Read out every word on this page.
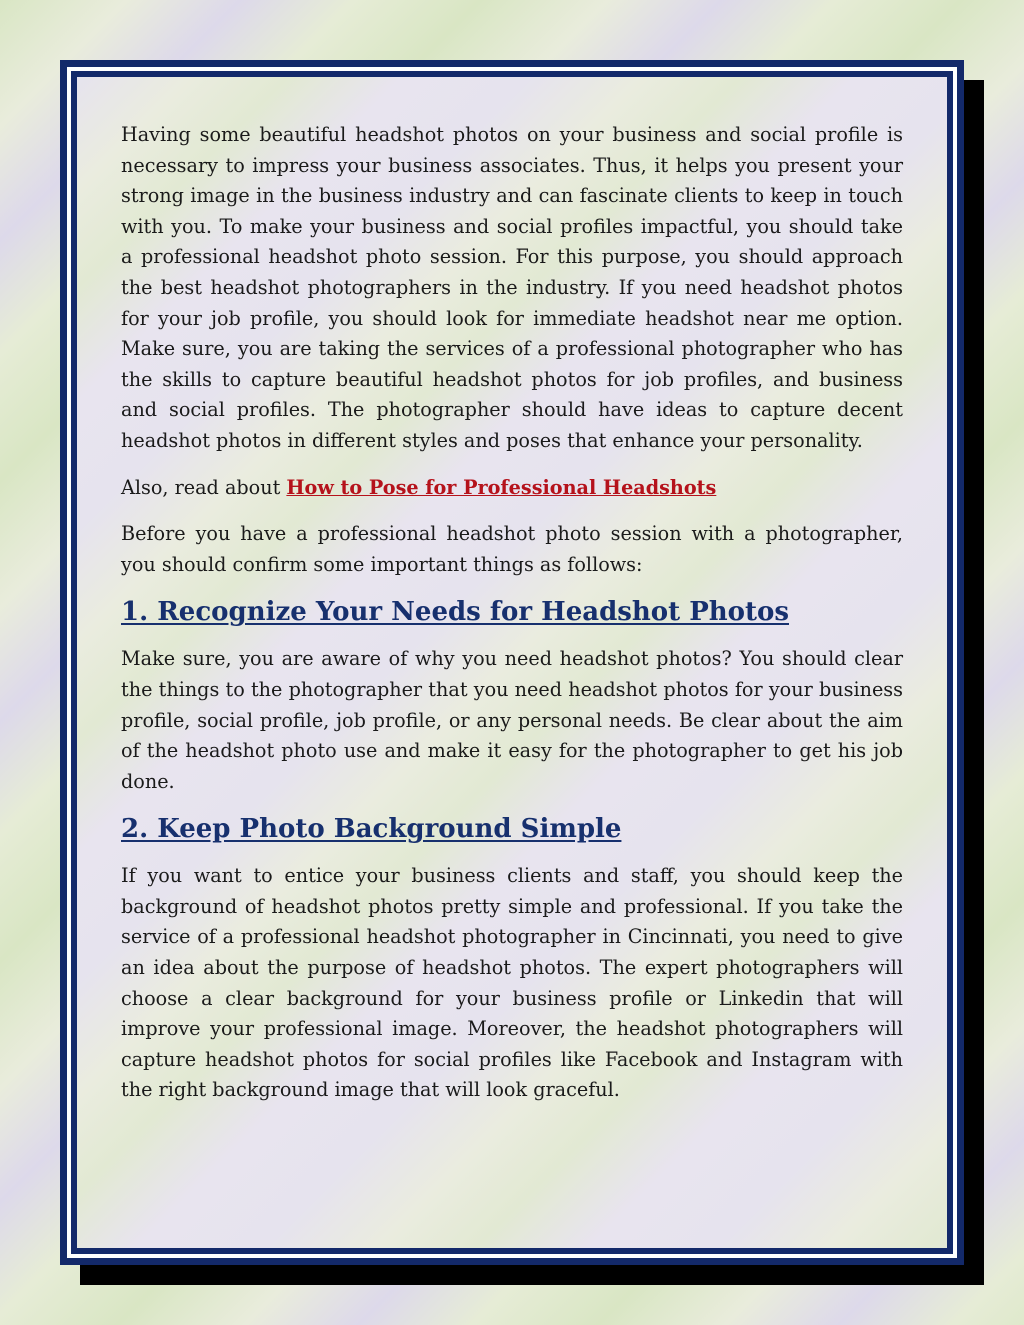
Having some beautiful headshot photos on your business and social profile is necessary to impress your business associates. Thus, it helps you present your strong image in the business industry and can fascinate clients to keep in touch with you. To make your business and social profiles impactful, you should take a professional headshot photo session. For this purpose, you should approach the best headshot photographers in the industry. If you need headshot photos for your job profile, you should look for immediate headshot near me option. Make sure, you are taking the services of a professional photographer who has the skills to capture beautiful headshot photos for job profiles, and business and social profiles. The photographer should have ideas to capture decent headshot photos in different styles and poses that enhance your personality.

Also, read about How to Pose for Professional Headshots

Before you have a professional headshot photo session with a photographer, you should confirm some important things as follows:

1. Recognize Your Needs for Headshot Photos

Make sure, you are aware of why you need headshot photos? You should clear the things to the photographer that you need headshot photos for your business profile, social profile, job profile, or any personal needs. Be clear about the aim of the headshot photo use and make it easy for the photographer to get his job done.

2. Keep Photo Background Simple

If you want to entice your business clients and staff, you should keep the background of headshot photos pretty simple and professional. If you take the service of a professional headshot photographer in Cincinnati, you need to give an idea about the purpose of headshot photos. The expert photographers will choose a clear background for your business profile or Linkedin that will improve your professional image. Moreover, the headshot photographers will capture headshot photos for social profiles like Facebook and Instagram with the right background image that will look graceful.
